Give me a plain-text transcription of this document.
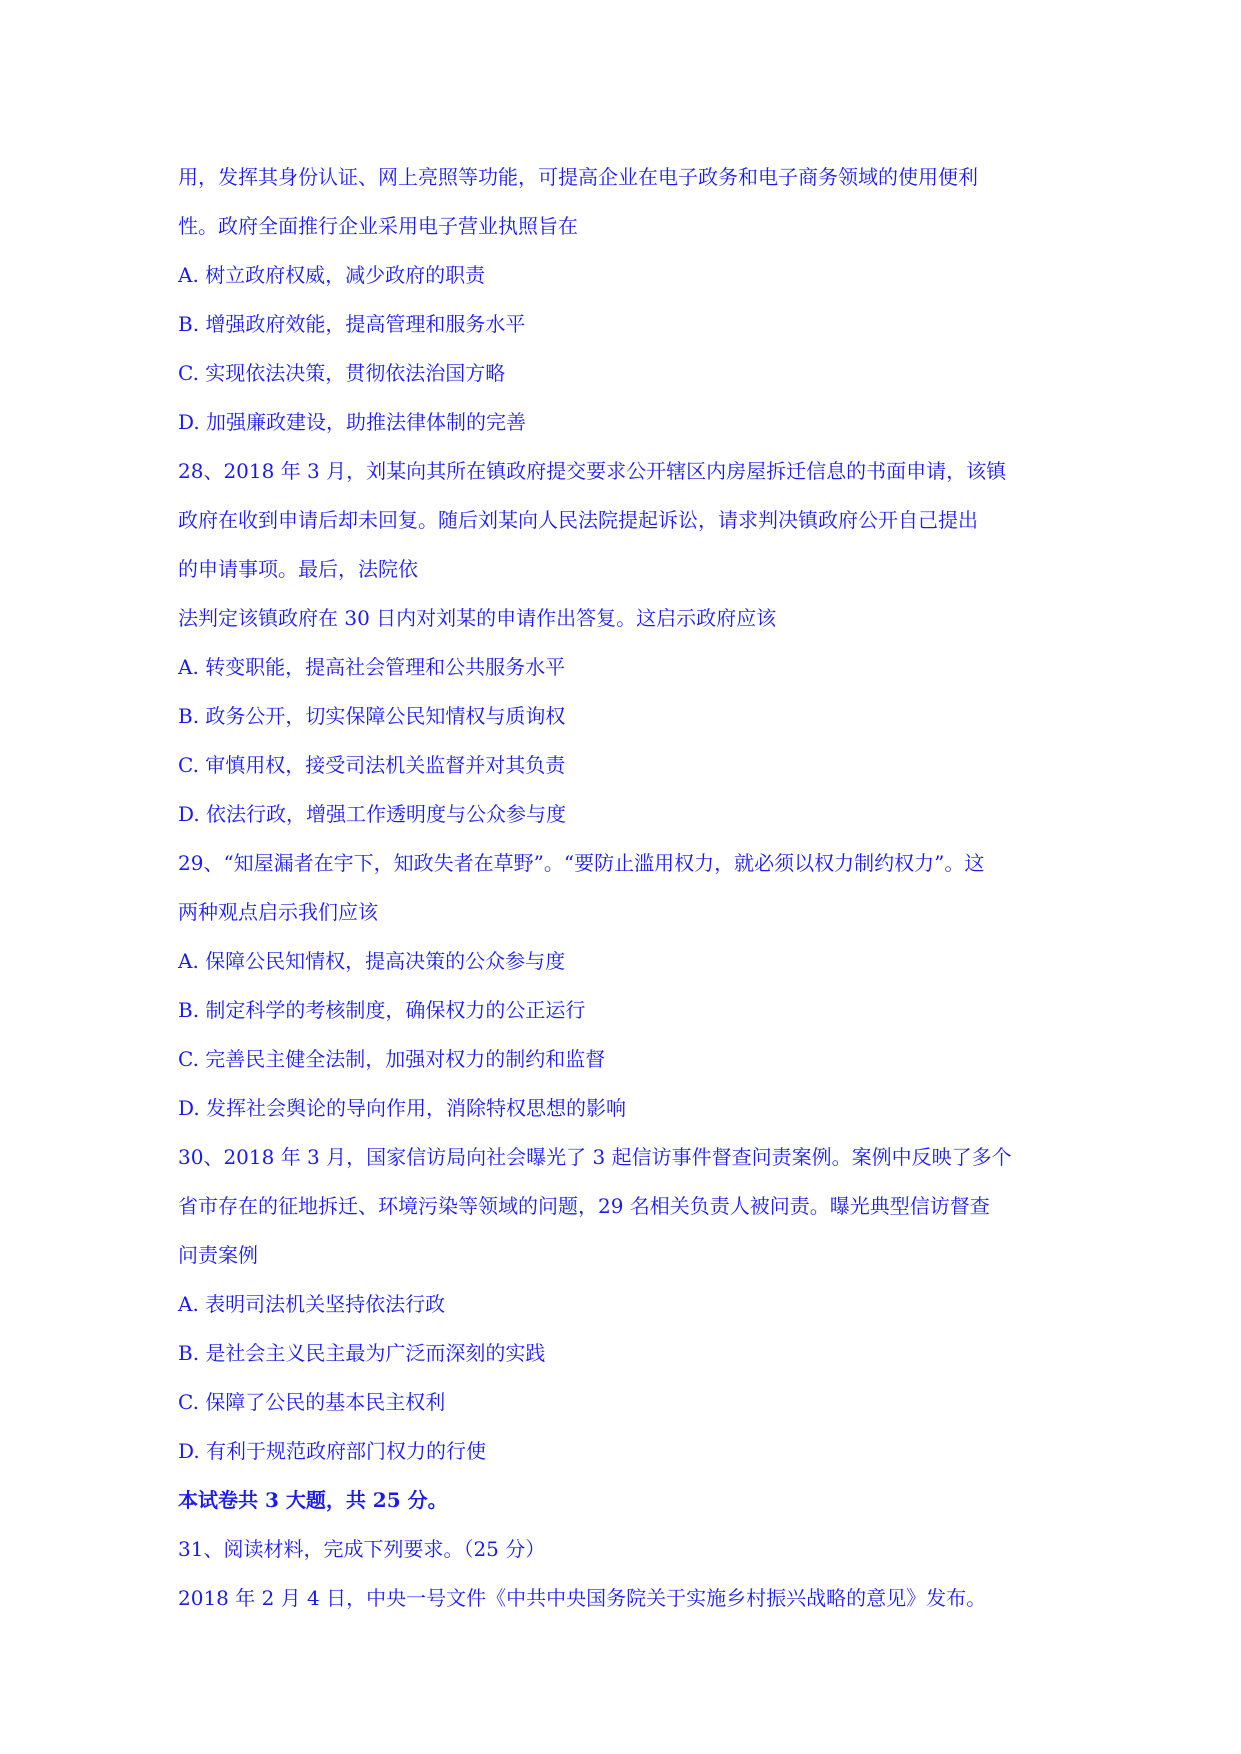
用，发挥其身份认证、网上亮照等功能，可提高企业在电子政务和电子商务领域的使用便利

性。政府全面推行企业采用电子营业执照旨在

A. 树立政府权威，减少政府的职责

B. 增强政府效能，提高管理和服务水平

C. 实现依法决策，贯彻依法治国方略

D. 加强廉政建设，助推法律体制的完善

28、2018 年 3 月，刘某向其所在镇政府提交要求公开辖区内房屋拆迁信息的书面申请，该镇

政府在收到申请后却未回复。随后刘某向人民法院提起诉讼，请求判决镇政府公开自己提出

的申请事项。最后，法院依

法判定该镇政府在 30 日内对刘某的申请作出答复。这启示政府应该

A. 转变职能，提高社会管理和公共服务水平

B. 政务公开，切实保障公民知情权与质询权

C. 审慎用权，接受司法机关监督并对其负责

D. 依法行政，增强工作透明度与公众参与度

29、“知屋漏者在宇下，知政失者在草野”。“要防止滥用权力，就必须以权力制约权力”。这

两种观点启示我们应该

A. 保障公民知情权，提高决策的公众参与度

B. 制定科学的考核制度，确保权力的公正运行

C. 完善民主健全法制，加强对权力的制约和监督

D. 发挥社会舆论的导向作用，消除特权思想的影响

30、2018 年 3 月，国家信访局向社会曝光了 3 起信访事件督查问责案例。案例中反映了多个

省市存在的征地拆迁、环境污染等领域的问题，29 名相关负责人被问责。曝光典型信访督查

问责案例

A. 表明司法机关坚持依法行政

B. 是社会主义民主最为广泛而深刻的实践

C. 保障了公民的基本民主权利

D. 有利于规范政府部门权力的行使

本试卷共 3 大题，共 25 分。

31、阅读材料，完成下列要求。（25 分）

2018 年 2 月 4 日，中央一号文件《中共中央国务院关于实施乡村振兴战略的意见》发布。
